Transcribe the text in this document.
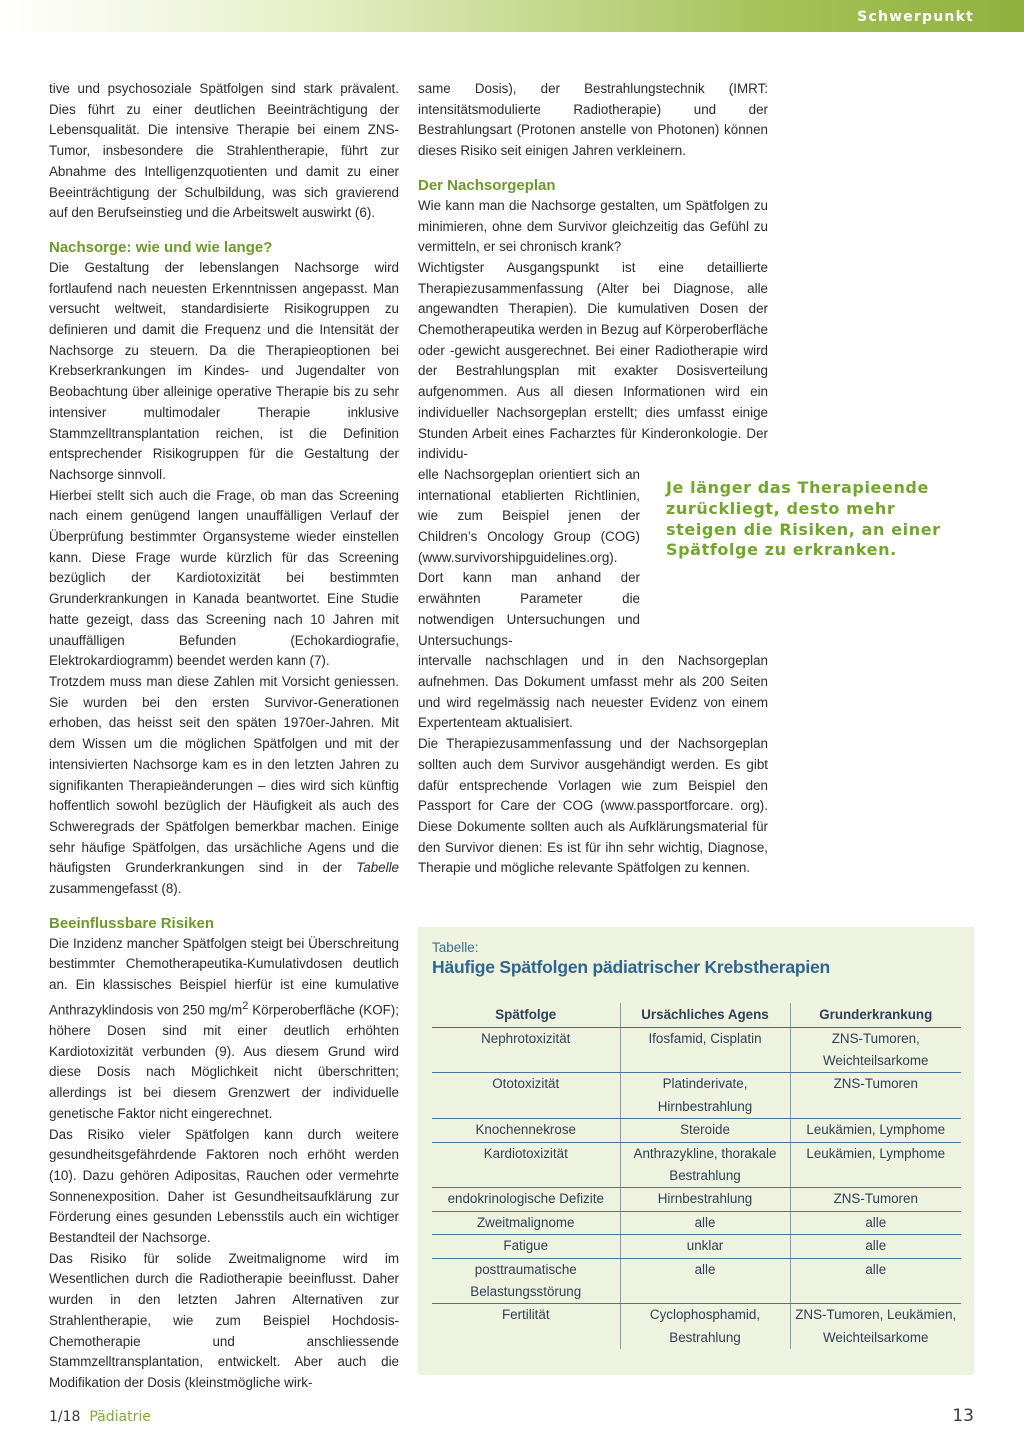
Schwerpunkt

tive und psychosoziale Spätfolgen sind stark prävalent. Dies führt zu einer deutlichen Beeinträchtigung der Lebensqualität. Die intensive Therapie bei einem ZNS-Tumor, insbesondere die Strahlentherapie, führt zur Abnahme des Intelligenzquotienten und damit zu einer Beeinträchtigung der Schulbildung, was sich gravierend auf den Berufseinstieg und die Arbeitswelt auswirkt (6).

Nachsorge: wie und wie lange?

Die Gestaltung der lebenslangen Nachsorge wird fortlaufend nach neuesten Erkenntnissen angepasst. Man versucht weltweit, standardisierte Risikogruppen zu definieren und damit die Frequenz und die Intensität der Nachsorge zu steuern. Da die Therapieoptionen bei Krebserkrankungen im Kindes- und Jugendalter von Beobachtung über alleinige operative Therapie bis zu sehr intensiver multimodaler Therapie inklusive Stammzelltransplantation reichen, ist die Definition entsprechender Risikogruppen für die Gestaltung der Nachsorge sinnvoll.

Hierbei stellt sich auch die Frage, ob man das Screening nach einem genügend langen unauffälligen Verlauf der Überprüfung bestimmter Organsysteme wieder einstellen kann. Diese Frage wurde kürzlich für das Screening bezüglich der Kardiotoxizität bei bestimmten Grunderkrankungen in Kanada beantwortet. Eine Studie hatte gezeigt, dass das Screening nach 10 Jahren mit unauffälligen Befunden (Echokardiografie, Elektrokardiogramm) beendet werden kann (7).

Trotzdem muss man diese Zahlen mit Vorsicht geniessen. Sie wurden bei den ersten Survivor-Generationen erhoben, das heisst seit den späten 1970er-Jahren. Mit dem Wissen um die möglichen Spätfolgen und mit der intensivierten Nachsorge kam es in den letzten Jahren zu signifikanten Therapieänderungen – dies wird sich künftig hoffentlich sowohl bezüglich der Häufigkeit als auch des Schweregrads der Spätfolgen bemerkbar machen. Einige sehr häufige Spätfolgen, das ursächliche Agens und die häufigsten Grunderkrankungen sind in der Tabelle zusammengefasst (8).

Beeinflussbare Risiken

Die Inzidenz mancher Spätfolgen steigt bei Überschreitung bestimmter Chemotherapeutika-Kumulativdosen deutlich an. Ein klassisches Beispiel hierfür ist eine kumulative Anthrazyklindosis von 250 $mg/m^2$ Körperoberfläche (KOF); höhere Dosen sind mit einer deutlich erhöhten Kardiotoxizität verbunden (9). Aus diesem Grund wird diese Dosis nach Möglichkeit nicht überschritten; allerdings ist bei diesem Grenzwert der individuelle genetische Faktor nicht eingerechnet.

Das Risiko vieler Spätfolgen kann durch weitere gesundheitsgefährdende Faktoren noch erhöht werden (10). Dazu gehören Adipositas, Rauchen oder vermehrte Sonnenexposition. Daher ist Gesundheitsaufklärung zur Förderung eines gesunden Lebensstils auch ein wichtiger Bestandteil der Nachsorge.

Das Risiko für solide Zweitmalignome wird im Wesentlichen durch die Radiotherapie beeinflusst. Daher wurden in den letzten Jahren Alternativen zur Strahlentherapie, wie zum Beispiel Hochdosis-Chemotherapie und anschliessende Stammzelltransplantation, entwickelt. Aber auch die Modifikation der Dosis (kleinstmögliche wirk-

same Dosis), der Bestrahlungstechnik (IMRT: intensitätsmodulierte Radiotherapie) und der Bestrahlungsart (Protonen anstelle von Photonen) können dieses Risiko seit einigen Jahren verkleinern.

Der Nachsorgeplan

Wie kann man die Nachsorge gestalten, um Spätfolgen zu minimieren, ohne dem Survivor gleichzeitig das Gefühl zu vermitteln, er sei chronisch krank?

Wichtigster Ausgangspunkt ist eine detaillierte Therapiezusammenfassung (Alter bei Diagnose, alle angewandten Therapien). Die kumulativen Dosen der Chemotherapeutika werden in Bezug auf Körperoberfläche oder -gewicht ausgerechnet. Bei einer Radiotherapie wird der Bestrahlungsplan mit exakter Dosisverteilung aufgenommen. Aus all diesen Informationen wird ein individueller Nachsorgeplan erstellt; dies umfasst einige Stunden Arbeit eines Facharztes für Kinderonkologie. Der individu-

elle Nachsorgeplan orientiert sich an international etablierten Richtlinien, wie zum Beispiel jenen der Children’s Oncology Group (COG) (www.survivorshipguidelines.org).

Dort kann man anhand der erwähnten Parameter die notwendigen Untersuchungen und Untersuchungs-

intervalle nachschlagen und in den Nachsorgeplan aufnehmen. Das Dokument umfasst mehr als 200 Seiten und wird regelmässig nach neuester Evidenz von einem Expertenteam aktualisiert.

Die Therapiezusammenfassung und der Nachsorgeplan sollten auch dem Survivor ausgehändigt werden. Es gibt dafür entsprechende Vorlagen wie zum Beispiel den Passport for Care der COG (www.passportforcare. org). Diese Dokumente sollten auch als Aufklärungsmaterial für den Survivor dienen: Es ist für ihn sehr wichtig, Diagnose, Therapie und mögliche relevante Spätfolgen zu kennen.

Je länger das Therapieende zurückliegt, desto mehr steigen die Risiken, an einer Spätfolge zu erkranken.
Tabelle:
Häufige Spätfolgen pädiatrischer Krebstherapien
Spätfolge	Ursächliches Agens	Grunderkrankung
Nephrotoxizität	Ifosfamid, Cisplatin	ZNS-Tumoren, Weichteilsarkome
Ototoxizität	Platinderivate, Hirnbestrahlung	ZNS-Tumoren
Knochennekrose	Steroide	Leukämien, Lymphome
Kardiotoxizität	Anthrazykline, thorakale Bestrahlung	Leukämien, Lymphome
endokrinologische Defizite	Hirnbestrahlung	ZNS-Tumoren
Zweitmalignome	alle	alle
Fatigue	unklar	alle
posttraumatische Belastungsstörung	alle	alle
Fertilität	Cyclophosphamid, Bestrahlung	ZNS-Tumoren, Leukämien, Weichteilsarkome
1/18 Pädiatrie	13
